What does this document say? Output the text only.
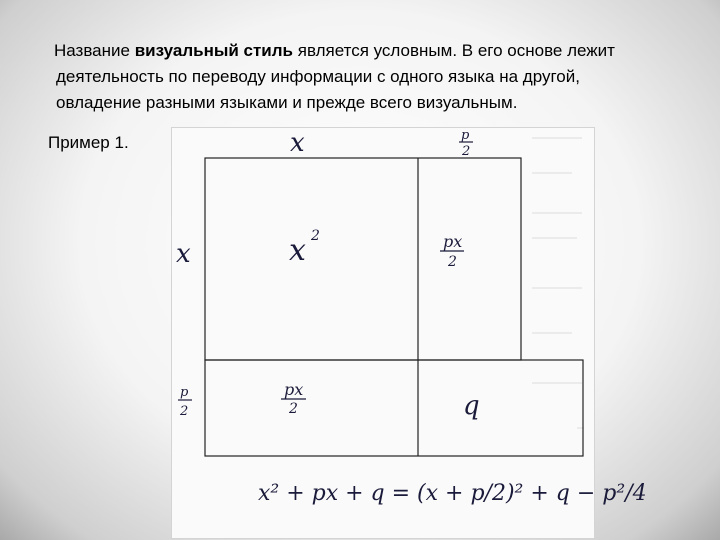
Название визуальный стиль является условным. В его основе лежит
деятельность по переводу информации с одного языка на другой,
овладение разными языками и прежде всего визуальным.
Пример 1.	x	p
2
x
p
2
x 2	px
2
px
2	q
x² + px + q = (x + p/2)² + q − p²/4
